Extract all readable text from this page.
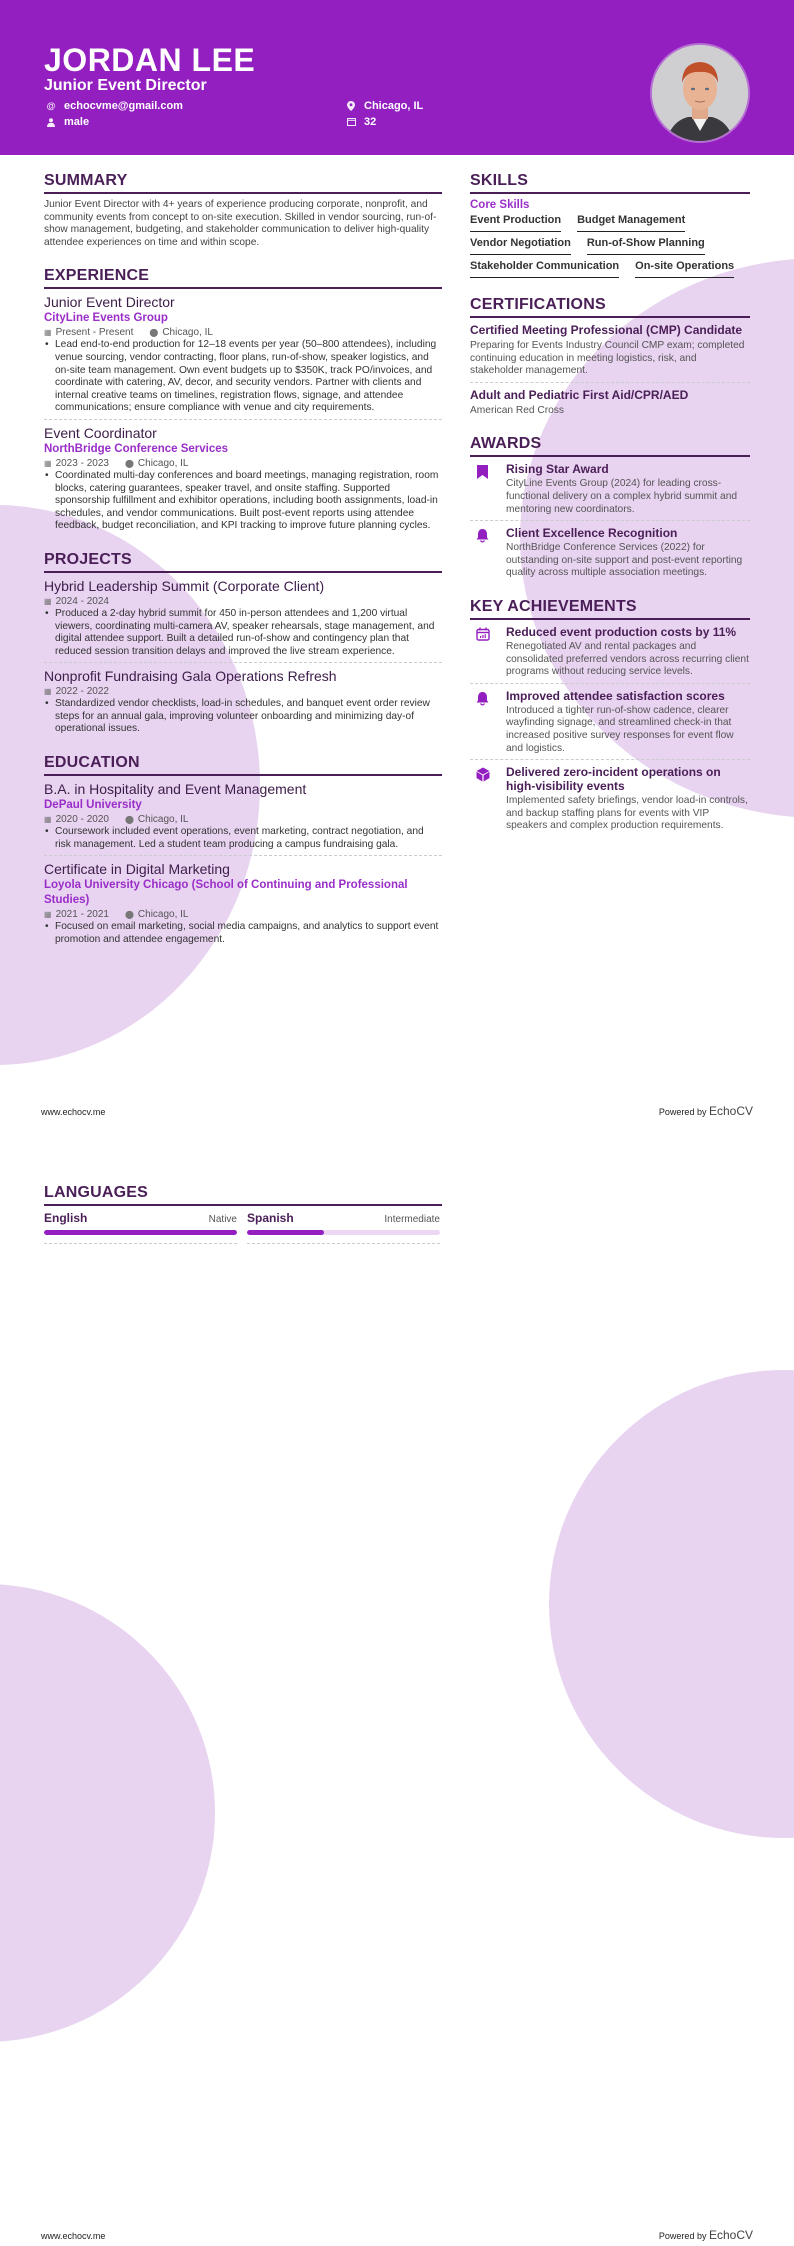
JORDAN LEE
Junior Event Director
@ echocvme@gmail.com
male
Chicago, IL
32
SUMMARY

Junior Event Director with 4+ years of experience producing corporate, nonprofit, and community events from concept to on-site execution. Skilled in vendor sourcing, run-of-show management, budgeting, and stakeholder communication to deliver high-quality attendee experiences on time and within scope.

EXPERIENCE
Junior Event Director
CityLine Events Group
▦ Present - Present ⬤ Chicago, IL
• Lead end-to-end production for 12–18 events per year (50–800 attendees), including venue sourcing, vendor contracting, floor plans, run-of-show, speaker logistics, and on-site team management. Own event budgets up to $350K, track PO/invoices, and coordinate with catering, AV, decor, and security vendors. Partner with clients and internal creative teams on timelines, registration flows, signage, and attendee communications; ensure compliance with venue and city requirements.
Event Coordinator
NorthBridge Conference Services
▦ 2023 - 2023 ⬤ Chicago, IL
• Coordinated multi-day conferences and board meetings, managing registration, room blocks, catering guarantees, speaker travel, and onsite staffing. Supported sponsorship fulfillment and exhibitor operations, including booth assignments, load-in schedules, and vendor communications. Built post-event reports using attendee feedback, budget reconciliation, and KPI tracking to improve future planning cycles.
PROJECTS
Hybrid Leadership Summit (Corporate Client)
▦ 2024 - 2024
• Produced a 2-day hybrid summit for 450 in-person attendees and 1,200 virtual viewers, coordinating multi-camera AV, speaker rehearsals, stage management, and digital attendee support. Built a detailed run-of-show and contingency plan that reduced session transition delays and improved the live stream experience.
Nonprofit Fundraising Gala Operations Refresh
▦ 2022 - 2022
• Standardized vendor checklists, load-in schedules, and banquet event order review steps for an annual gala, improving volunteer onboarding and minimizing day-of operational issues.
EDUCATION
B.A. in Hospitality and Event Management
DePaul University
▦ 2020 - 2020 ⬤ Chicago, IL
• Coursework included event operations, event marketing, contract negotiation, and risk management. Led a student team producing a campus fundraising gala.
Certificate in Digital Marketing
Loyola University Chicago (School of Continuing and Professional Studies)
▦ 2021 - 2021 ⬤ Chicago, IL
• Focused on email marketing, social media campaigns, and analytics to support event promotion and attendee engagement.
SKILLS
Core Skills
Event Production Budget Management
Vendor Negotiation Run-of-Show Planning
Stakeholder Communication On-site Operations
CERTIFICATIONS
Certified Meeting Professional (CMP) Candidate
Preparing for Events Industry Council CMP exam; completed continuing education in meeting logistics, risk, and stakeholder management.
Adult and Pediatric First Aid/CPR/AED
American Red Cross
AWARDS
Rising Star Award
CityLine Events Group (2024) for leading cross-functional delivery on a complex hybrid summit and mentoring new coordinators.
Client Excellence Recognition
NorthBridge Conference Services (2022) for outstanding on-site support and post-event reporting quality across multiple association meetings.
KEY ACHIEVEMENTS
Reduced event production costs by 11%
Renegotiated AV and rental packages and consolidated preferred vendors across recurring client programs without reducing service levels.
Improved attendee satisfaction scores
Introduced a tighter run-of-show cadence, clearer wayfinding signage, and streamlined check-in that increased positive survey responses for event flow and logistics.
Delivered zero-incident operations on high-visibility events
Implemented safety briefings, vendor load-in controls, and backup staffing plans for events with VIP speakers and complex production requirements.
www.echocv.me	Powered by EchoCV
LANGUAGES
English	Native Spanish	Intermediate
www.echocv.me	Powered by EchoCV
